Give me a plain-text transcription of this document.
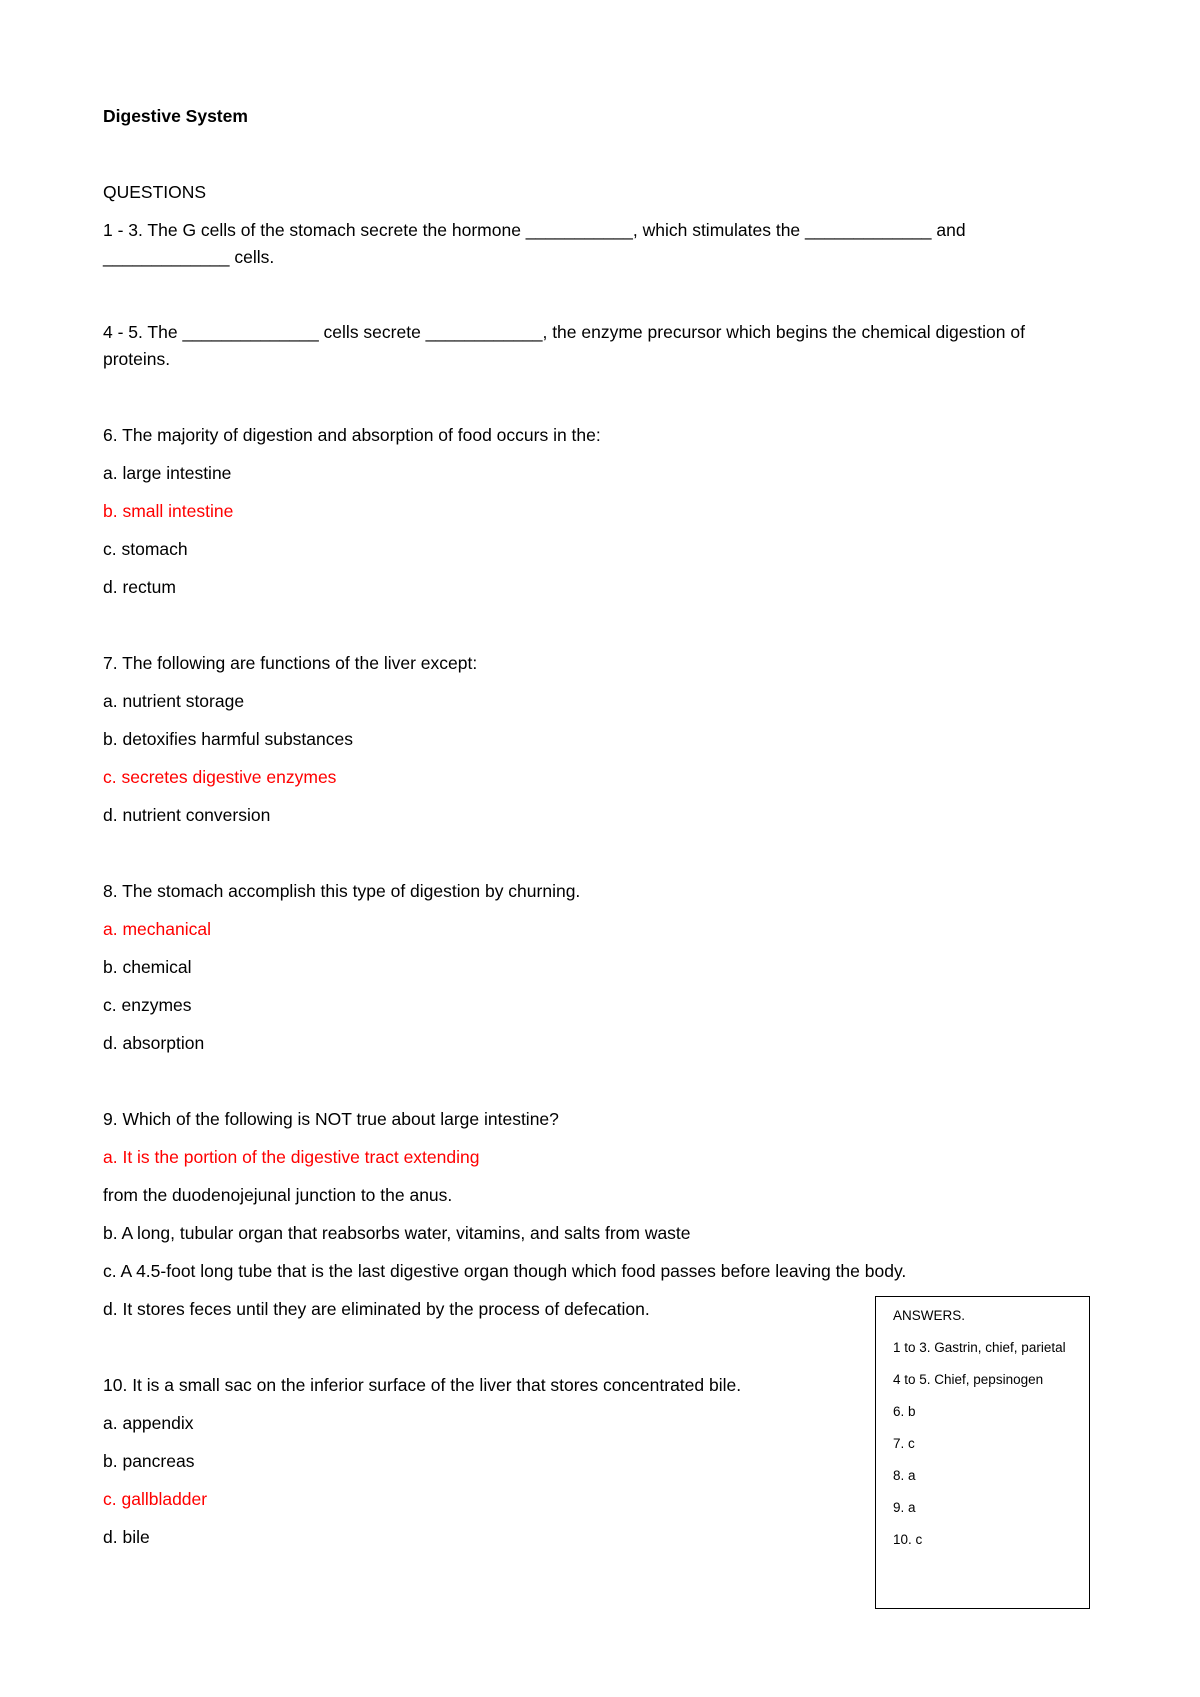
Digestive System
QUESTIONS
1 - 3. The G cells of the stomach secrete the hormone ___________, which stimulates the _____________ and
_____________ cells.
4 - 5. The ______________ cells secrete ____________, the enzyme precursor which begins the chemical digestion of
proteins.
6. The majority of digestion and absorption of food occurs in the:
a. large intestine
b. small intestine
c. stomach
d. rectum
7. The following are functions of the liver except:
a. nutrient storage
b. detoxifies harmful substances
c. secretes digestive enzymes
d. nutrient conversion
8. The stomach accomplish this type of digestion by churning.
a. mechanical
b. chemical
c. enzymes
d. absorption
9. Which of the following is NOT true about large intestine?
a. It is the portion of the digestive tract extending
from the duodenojejunal junction to the anus.
b. A long, tubular organ that reabsorbs water, vitamins, and salts from waste
c. A 4.5-foot long tube that is the last digestive organ though which food passes before leaving the body.
d. It stores feces until they are eliminated by the process of defecation.
10. It is a small sac on the inferior surface of the liver that stores concentrated bile.
a. appendix
b. pancreas
c. gallbladder
d. bile
ANSWERS.
1 to 3. Gastrin, chief, parietal
4 to 5. Chief, pepsinogen
6. b
7. c
8. a
9. a
10. c
